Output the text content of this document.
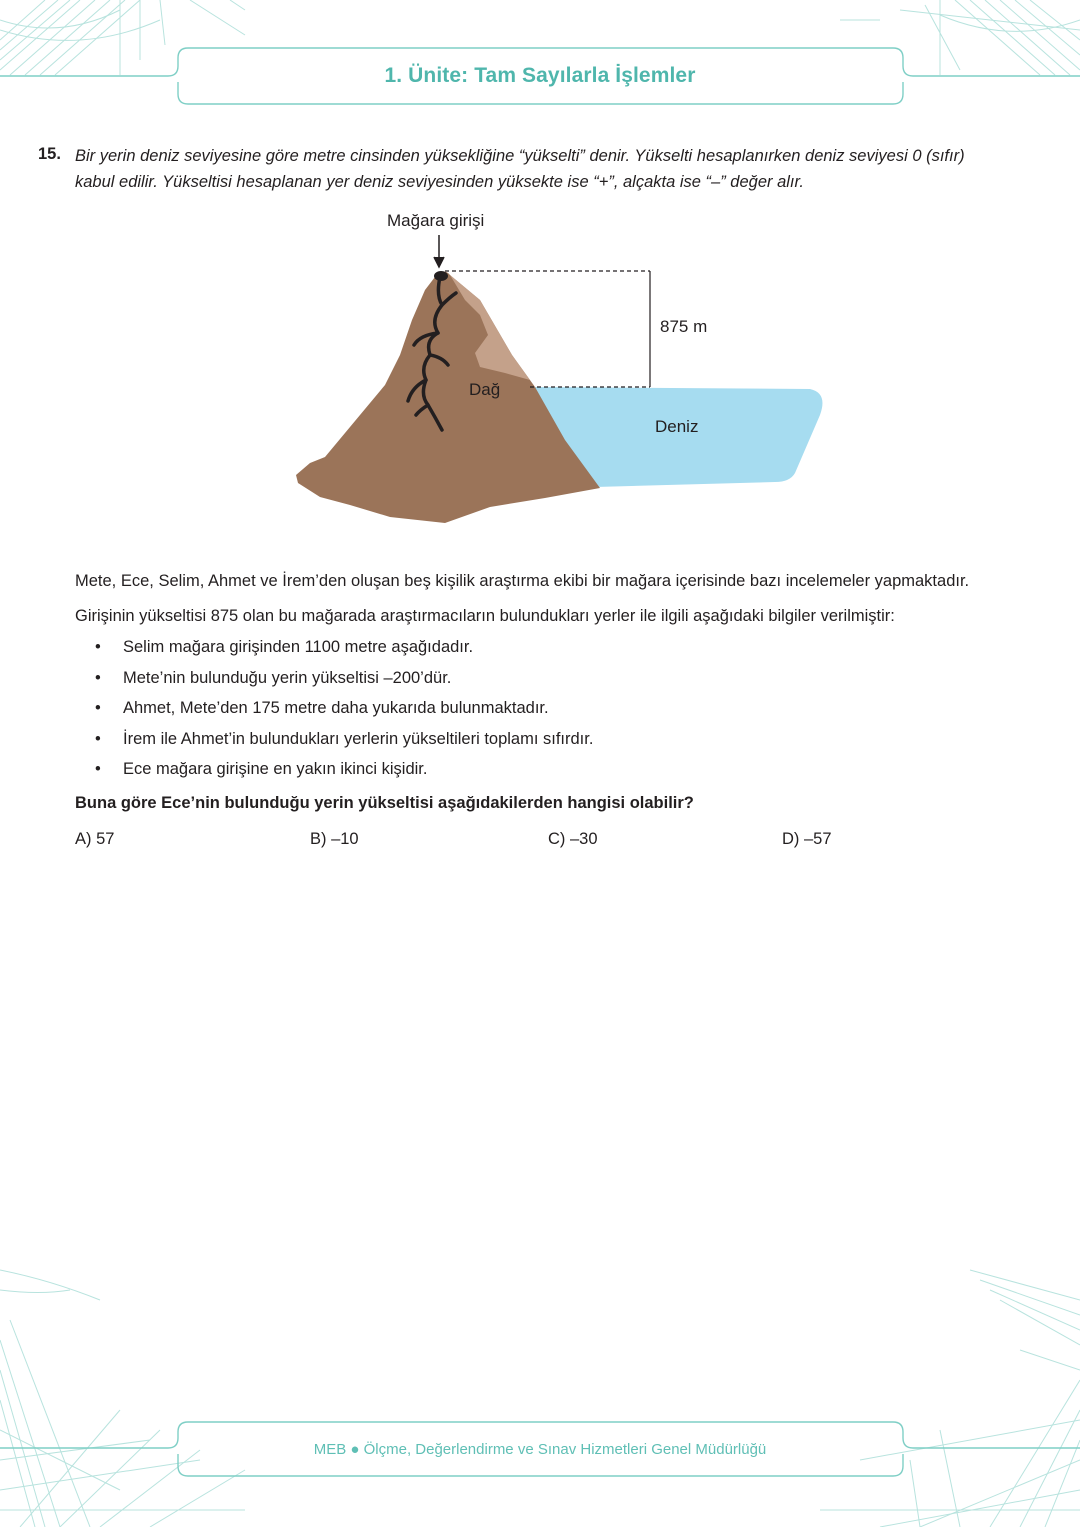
1. Ünite: Tam Sayılarla İşlemler
15. Bir yerin deniz seviyesine göre metre cinsinden yüksekliğine “yükselti” denir. Yükselti hesaplanırken deniz seviyesi 0 (sıfır)
kabul edilir. Yükseltisi hesaplanan yer deniz seviyesinden yüksekte ise “+”, alçakta ise “–” değer alır.
Mağara girişi
875 m
Dağ
Deniz
Mete, Ece, Selim, Ahmet ve İrem’den oluşan beş kişilik araştırma ekibi bir mağara içerisinde bazı incelemeler yapmaktadır.
Girişinin yükseltisi 875 olan bu mağarada araştırmacıların bulundukları yerler ile ilgili aşağıdaki bilgiler verilmiştir:
• Selim mağara girişinden 1100 metre aşağıdadır.
• Mete’nin bulunduğu yerin yükseltisi –200’dür.
• Ahmet, Mete’den 175 metre daha yukarıda bulunmaktadır.
• İrem ile Ahmet’in bulundukları yerlerin yükseltileri toplamı sıfırdır.
• Ece mağara girişine en yakın ikinci kişidir.
Buna göre Ece’nin bulunduğu yerin yükseltisi aşağıdakilerden hangisi olabilir?
A) 57	B) –10	C) –30	D) –57
MEB ● Ölçme, Değerlendirme ve Sınav Hizmetleri Genel Müdürlüğü
